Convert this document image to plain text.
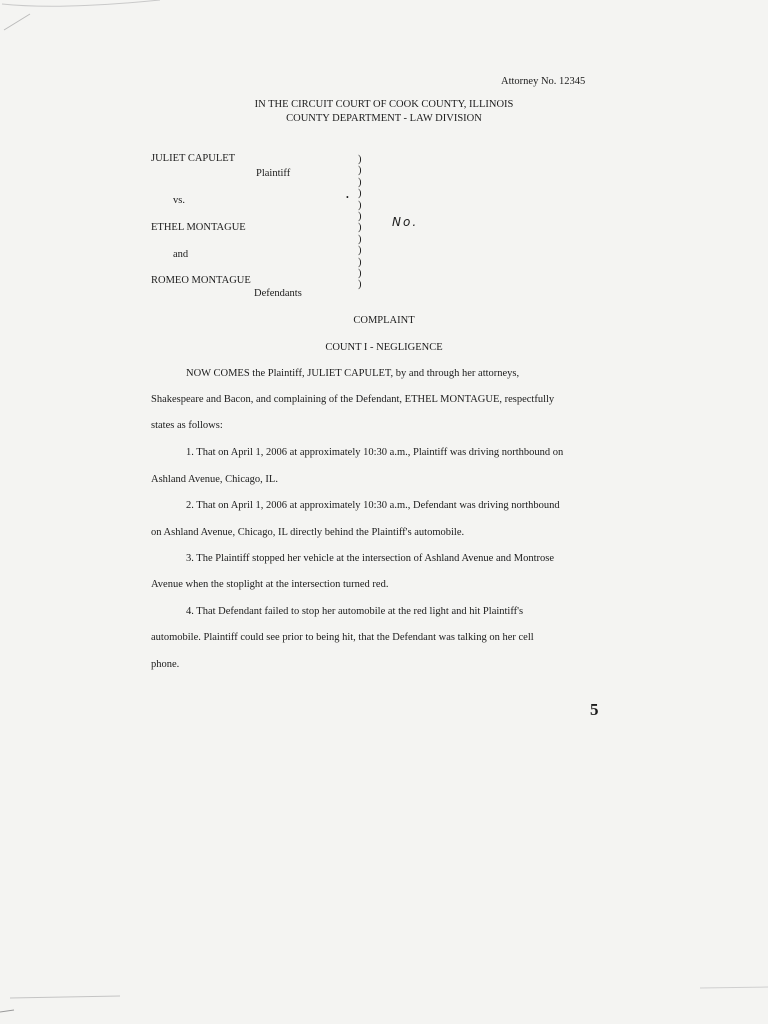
Attorney No. 12345
IN THE CIRCUIT COURT OF COOK COUNTY, ILLINOIS
COUNTY DEPARTMENT - LAW DIVISION
JULIET CAPULET
Plaintiff
vs.
ETHEL MONTAGUE
and
ROMEO MONTAGUE
Defendants
)
)
)
)
)
)
)
)
)
)
)
)
•
No.
COMPLAINT
COUNT I - NEGLIGENCE
NOW COMES the Plaintiff, JULIET CAPULET, by and through her attorneys,
Shakespeare and Bacon, and complaining of the Defendant, ETHEL MONTAGUE, respectfully
states as follows:
1. That on April 1, 2006 at approximately 10:30 a.m., Plaintiff was driving northbound on
Ashland Avenue, Chicago, IL.
2. That on April 1, 2006 at approximately 10:30 a.m., Defendant was driving northbound
on Ashland Avenue, Chicago, IL directly behind the Plaintiff's automobile.
3. The Plaintiff stopped her vehicle at the intersection of Ashland Avenue and Montrose
Avenue when the stoplight at the intersection turned red.
4. That Defendant failed to stop her automobile at the red light and hit Plaintiff's
automobile. Plaintiff could see prior to being hit, that the Defendant was talking on her cell
phone.
5
